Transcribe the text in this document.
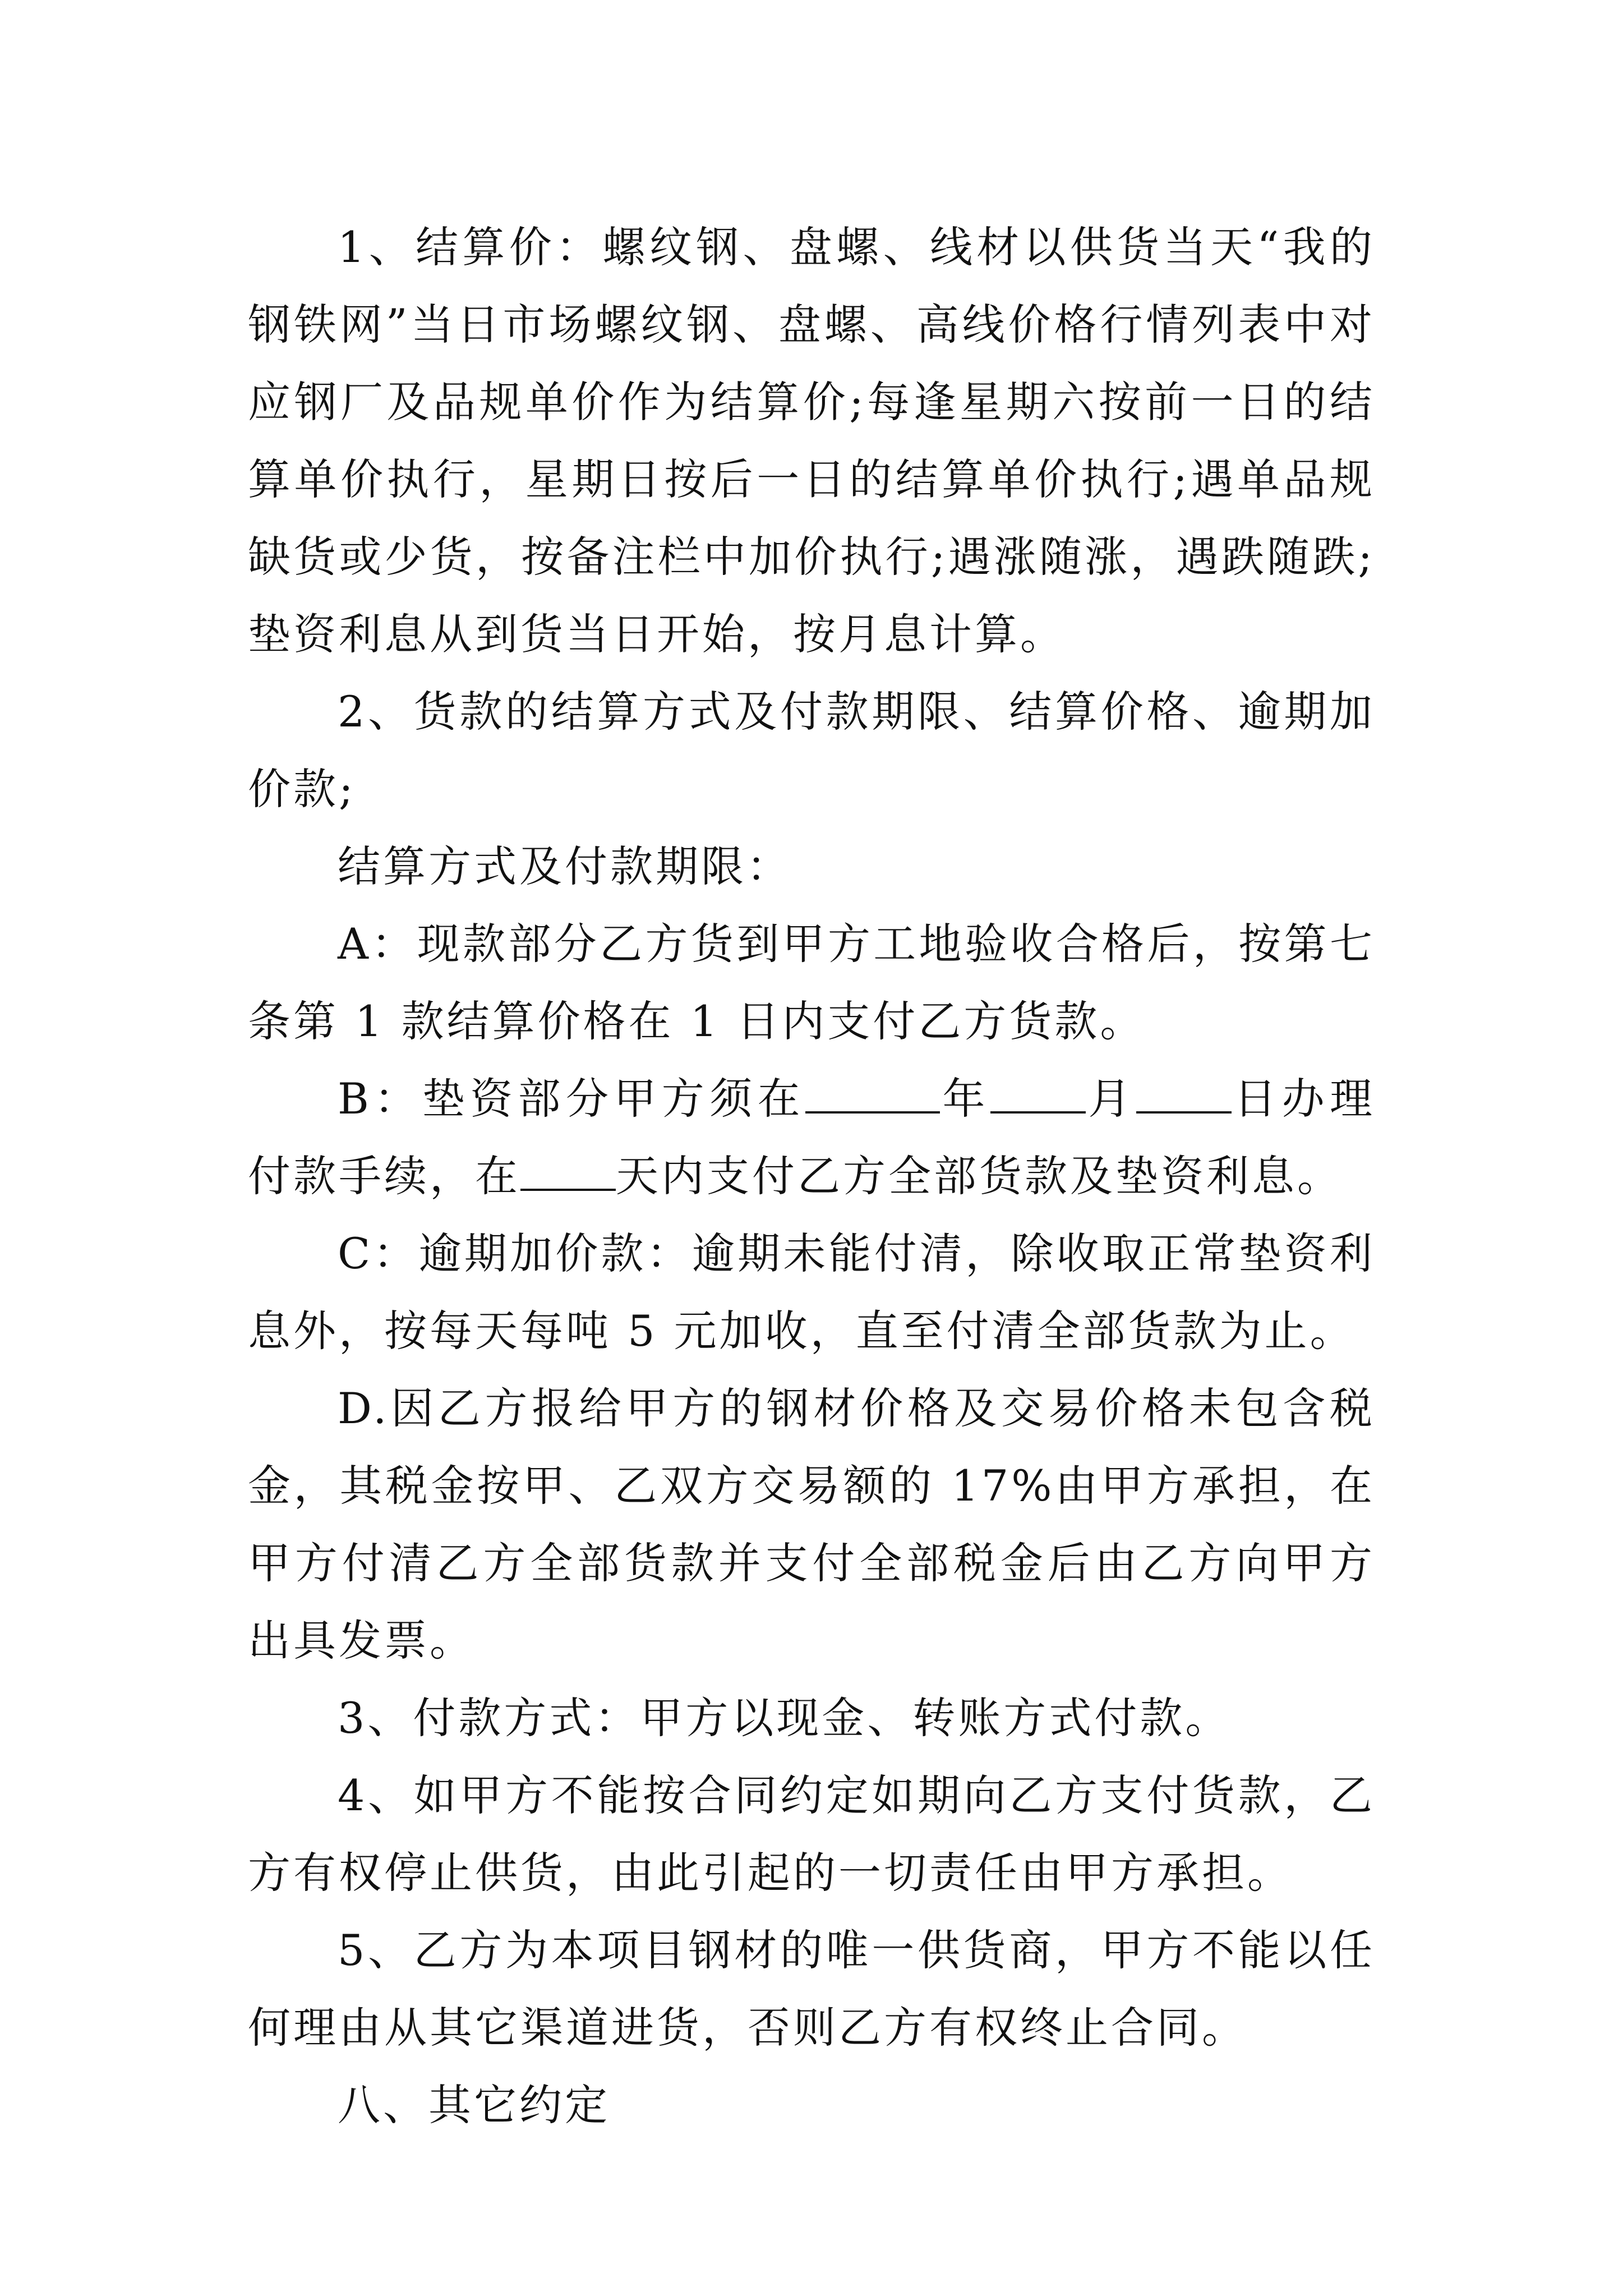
1、结算价：螺纹钢、盘螺、线材以供货当天“我的钢铁网”当日市场螺纹钢、盘螺、高线价格行情列表中对应钢厂及品规单价作为结算价;每逢星期六按前一日的结算单价执行，星期日按后一日的结算单价执行;遇单品规缺货或少货，按备注栏中加价执行;遇涨随涨，遇跌随跌;垫资利息从到货当日开始，按月息计算。

2、货款的结算方式及付款期限、结算价格、逾期加价款;

结算方式及付款期限：

A：现款部分乙方货到甲方工地验收合格后，按第七条第 1 款结算价格在 1 日内支付乙方货款。

B：垫资部分甲方须在	年 月 日办理付款手续，在 天内支付乙方全部货款及垫资利息。

C：逾期加价款：逾期未能付清，除收取正常垫资利息外，按每天每吨 5 元加收，直至付清全部货款为止。

D.因乙方报给甲方的钢材价格及交易价格未包含税金，其税金按甲、乙双方交易额的 17%由甲方承担，在甲方付清乙方全部货款并支付全部税金后由乙方向甲方出具发票。

3、付款方式：甲方以现金、转账方式付款。

4、如甲方不能按合同约定如期向乙方支付货款，乙方有权停止供货，由此引起的一切责任由甲方承担。

5、乙方为本项目钢材的唯一供货商，甲方不能以任何理由从其它渠道进货，否则乙方有权终止合同。

八、其它约定
